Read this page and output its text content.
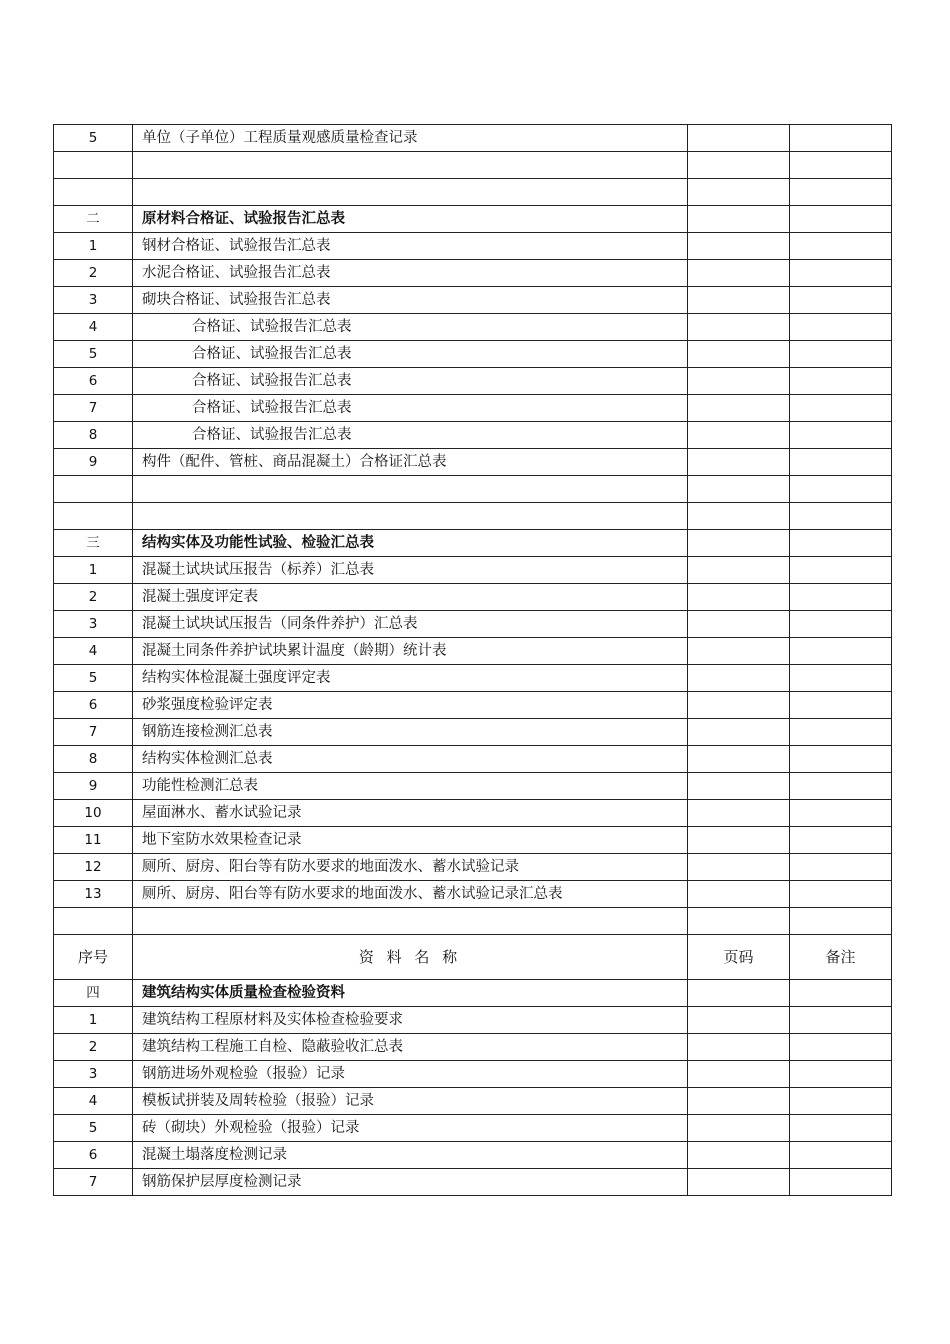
5	单位（子单位）工程质量观感质量检查记录		

二	原材料合格证、试验报告汇总表		
1	钢材合格证、试验报告汇总表		
2	水泥合格证、试验报告汇总表		
3	砌块合格证、试验报告汇总表		
4	合格证、试验报告汇总表		
5	合格证、试验报告汇总表		
6	合格证、试验报告汇总表		
7	合格证、试验报告汇总表		
8	合格证、试验报告汇总表		
9	构件（配件、管桩、商品混凝土）合格证汇总表		

三	结构实体及功能性试验、检验汇总表		
1	混凝土试块试压报告（标养）汇总表		
2	混凝土强度评定表		
3	混凝土试块试压报告（同条件养护）汇总表		
4	混凝土同条件养护试块累计温度（龄期）统计表		
5	结构实体检混凝土强度评定表		
6	砂浆强度检验评定表		
7	钢筋连接检测汇总表		
8	结构实体检测汇总表		
9	功能性检测汇总表		
10	屋面淋水、蓄水试验记录		
11	地下室防水效果检查记录		
12	厕所、厨房、阳台等有防水要求的地面泼水、蓄水试验记录		
13	厕所、厨房、阳台等有防水要求的地面泼水、蓄水试验记录汇总表		

序号	资 料 名 称	页码	备注
四	建筑结构实体质量检查检验资料		
1	建筑结构工程原材料及实体检查检验要求		
2	建筑结构工程施工自检、隐蔽验收汇总表		
3	钢筋进场外观检验（报验）记录		
4	模板试拼装及周转检验（报验）记录		
5	砖（砌块）外观检验（报验）记录		
6	混凝土塌落度检测记录		
7	钢筋保护层厚度检测记录		
